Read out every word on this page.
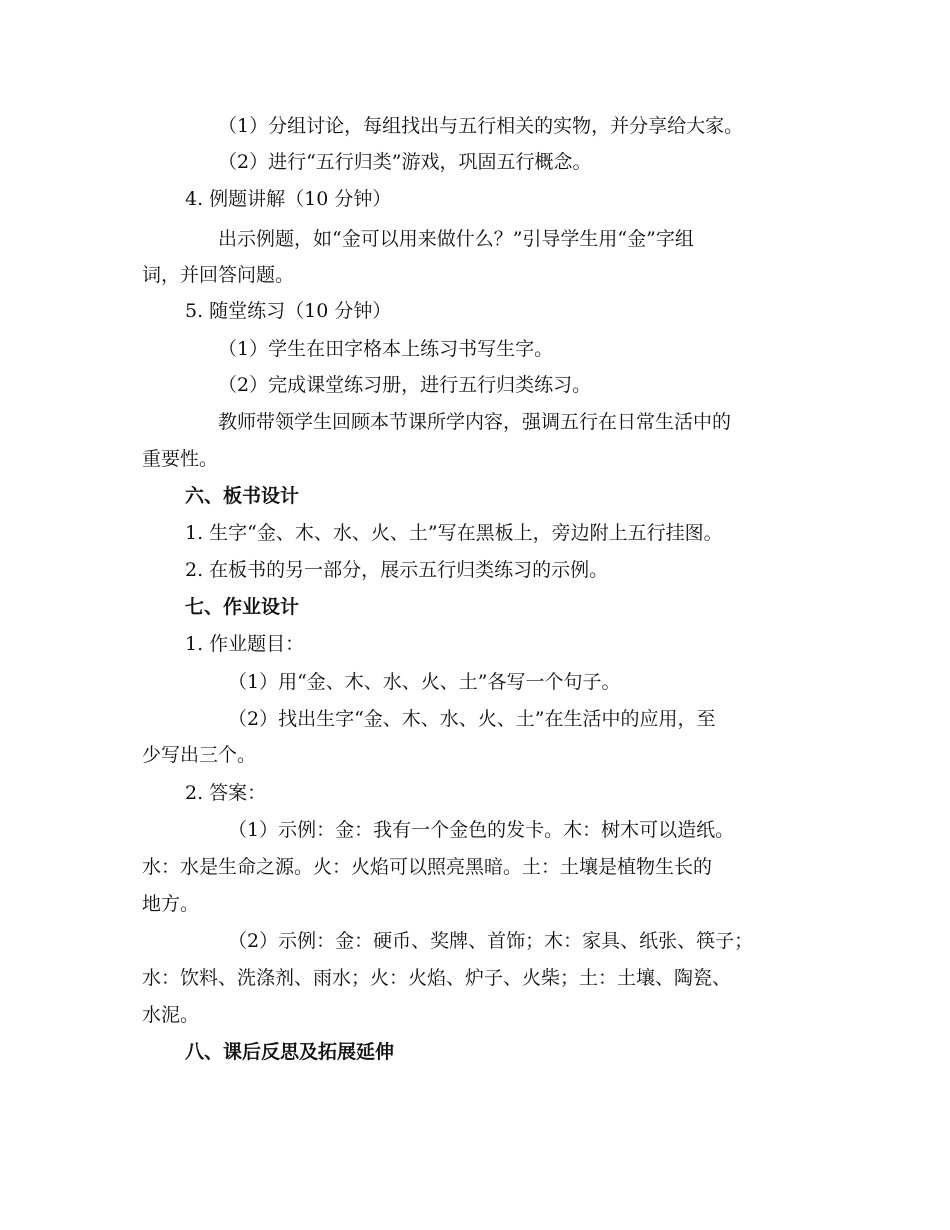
（1）分组讨论，每组找出与五行相关的实物，并分享给大家。
（2）进行“五行归类”游戏，巩固五行概念。
4. 例题讲解（10 分钟）
出示例题，如“金可以用来做什么？”引导学生用“金”字组
词，并回答问题。
5. 随堂练习（10 分钟）
（1）学生在田字格本上练习书写生字。
（2）完成课堂练习册，进行五行归类练习。
教师带领学生回顾本节课所学内容，强调五行在日常生活中的
重要性。
六、板书设计
1. 生字“金、木、水、火、土”写在黑板上，旁边附上五行挂图。
2. 在板书的另一部分，展示五行归类练习的示例。
七、作业设计
1. 作业题目：
（1）用“金、木、水、火、土”各写一个句子。
（2）找出生字“金、木、水、火、土”在生活中的应用，至
少写出三个。
2. 答案：
（1）示例：金：我有一个金色的发卡。木：树木可以造纸。
水：水是生命之源。火：火焰可以照亮黑暗。土：土壤是植物生长的
地方。
（2）示例：金：硬币、奖牌、首饰；木：家具、纸张、筷子；
水：饮料、洗涤剂、雨水；火：火焰、炉子、火柴；土：土壤、陶瓷、
水泥。
八、课后反思及拓展延伸
